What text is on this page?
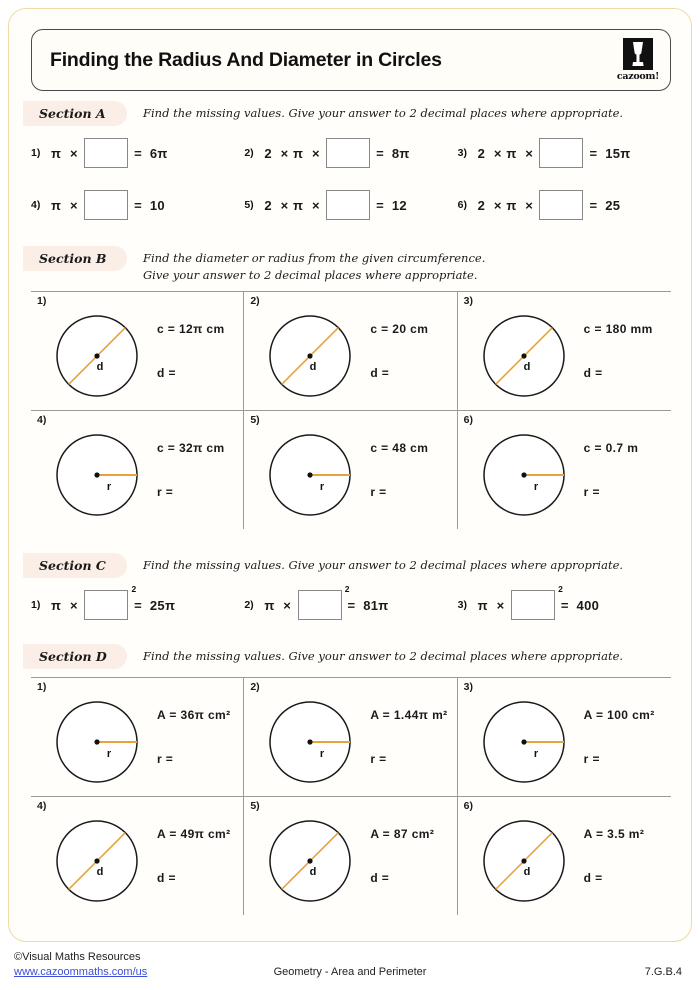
Finding the Radius And Diameter in Circles
cazoom!
Section A	Find the missing values. Give your answer to 2 decimal places where appropriate.
1) π  ×	=  6π	2) 2  × π  ×	=  8π	3) 2  × π  ×	=  15π
4) π  ×	=  10	5) 2  × π  ×	=  12	6) 2  × π  ×	=  25
Section B	Find the diameter or radius from the given circumference.
Give your answer to 2 decimal places where appropriate.
1)
d
c = 12π cm
d =
2)
d
c = 20 cm
d =
3)
d
c = 180 mm
d =
4)
r
c = 32π cm
r =
5)
r
c = 48 cm
r =
6)
r
c = 0.7 m
r =
Section C	Find the missing values. Give your answer to 2 decimal places where appropriate.
1) π  × 2	=  25π	2) π  × 2	=  81π	3) π  × 2	=  400
Section D	Find the missing values. Give your answer to 2 decimal places where appropriate.
1)
r
A = 36π cm²
r =
2)
r
A = 1.44π m²
r =
3)
r
A = 100 cm²
r =
4)
d
A = 49π cm²
d =
5)
d
A = 87 cm²
d =
6)
d
A = 3.5 m²
d =
©Visual Maths Resources
www.cazoommaths.com/us	Geometry - Area and Perimeter	7.G.B.4
